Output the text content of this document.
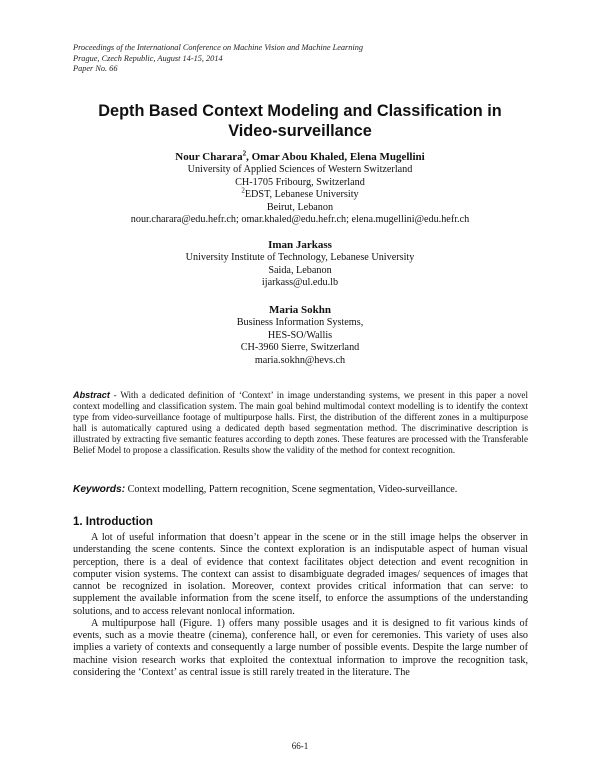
Proceedings of the International Conference on Machine Vision and Machine Learning
Prague, Czech Republic, August 14-15, 2014
Paper No. 66
Depth Based Context Modeling and Classification in
Video-surveillance
Nour Charara$^2$, Omar Abou Khaled, Elena Mugellini
University of Applied Sciences of Western Switzerland
CH-1705 Fribourg, Switzerland
$^2$EDST, Lebanese University
Beirut, Lebanon
nour.charara@edu.hefr.ch; omar.khaled@edu.hefr.ch; elena.mugellini@edu.hefr.ch
Iman Jarkass
University Institute of Technology, Lebanese University
Saida, Lebanon
ijarkass@ul.edu.lb
Maria Sokhn
Business Information Systems,
HES-SO/Wallis
CH-3960 Sierre, Switzerland
maria.sokhn@hevs.ch
Abstract - With a dedicated definition of ‘Context’ in image understanding systems, we present in this paper a novel context modelling and classification system. The main goal behind multimodal context modelling is to identify the context type from video-surveillance footage of multipurpose halls. First, the distribution of the different zones in a multipurpose hall is automatically captured using a dedicated depth based segmentation method. The discriminative description is illustrated by extracting five semantic features according to depth zones. These features are processed with the Transferable Belief Model to propose a classification. Results show the validity of the method for context recognition.
Keywords: Context modelling, Pattern recognition, Scene segmentation, Video-surveillance.
1. Introduction

A lot of useful information that doesn’t appear in the scene or in the still image helps the observer in understanding the scene contents. Since the context exploration is an indisputable aspect of human visual perception, there is a deal of evidence that context facilitates object detection and event recognition in computer vision systems. The context can assist to disambiguate degraded images/ sequences of images that cannot be recognized in isolation. Moreover, context provides critical information that can serve: to supplement the available information from the scene itself, to enforce the assumptions of the understanding solutions, and to access relevant nonlocal information.

A multipurpose hall (Figure. 1) offers many possible usages and it is designed to fit various kinds of events, such as a movie theatre (cinema), conference hall, or even for ceremonies. This variety of uses also implies a variety of contexts and consequently a large number of possible events. Despite the large number of machine vision research works that exploited the contextual information to improve the recognition task, considering the ‘Context’ as central issue is still rarely treated in the literature. The

66-1
